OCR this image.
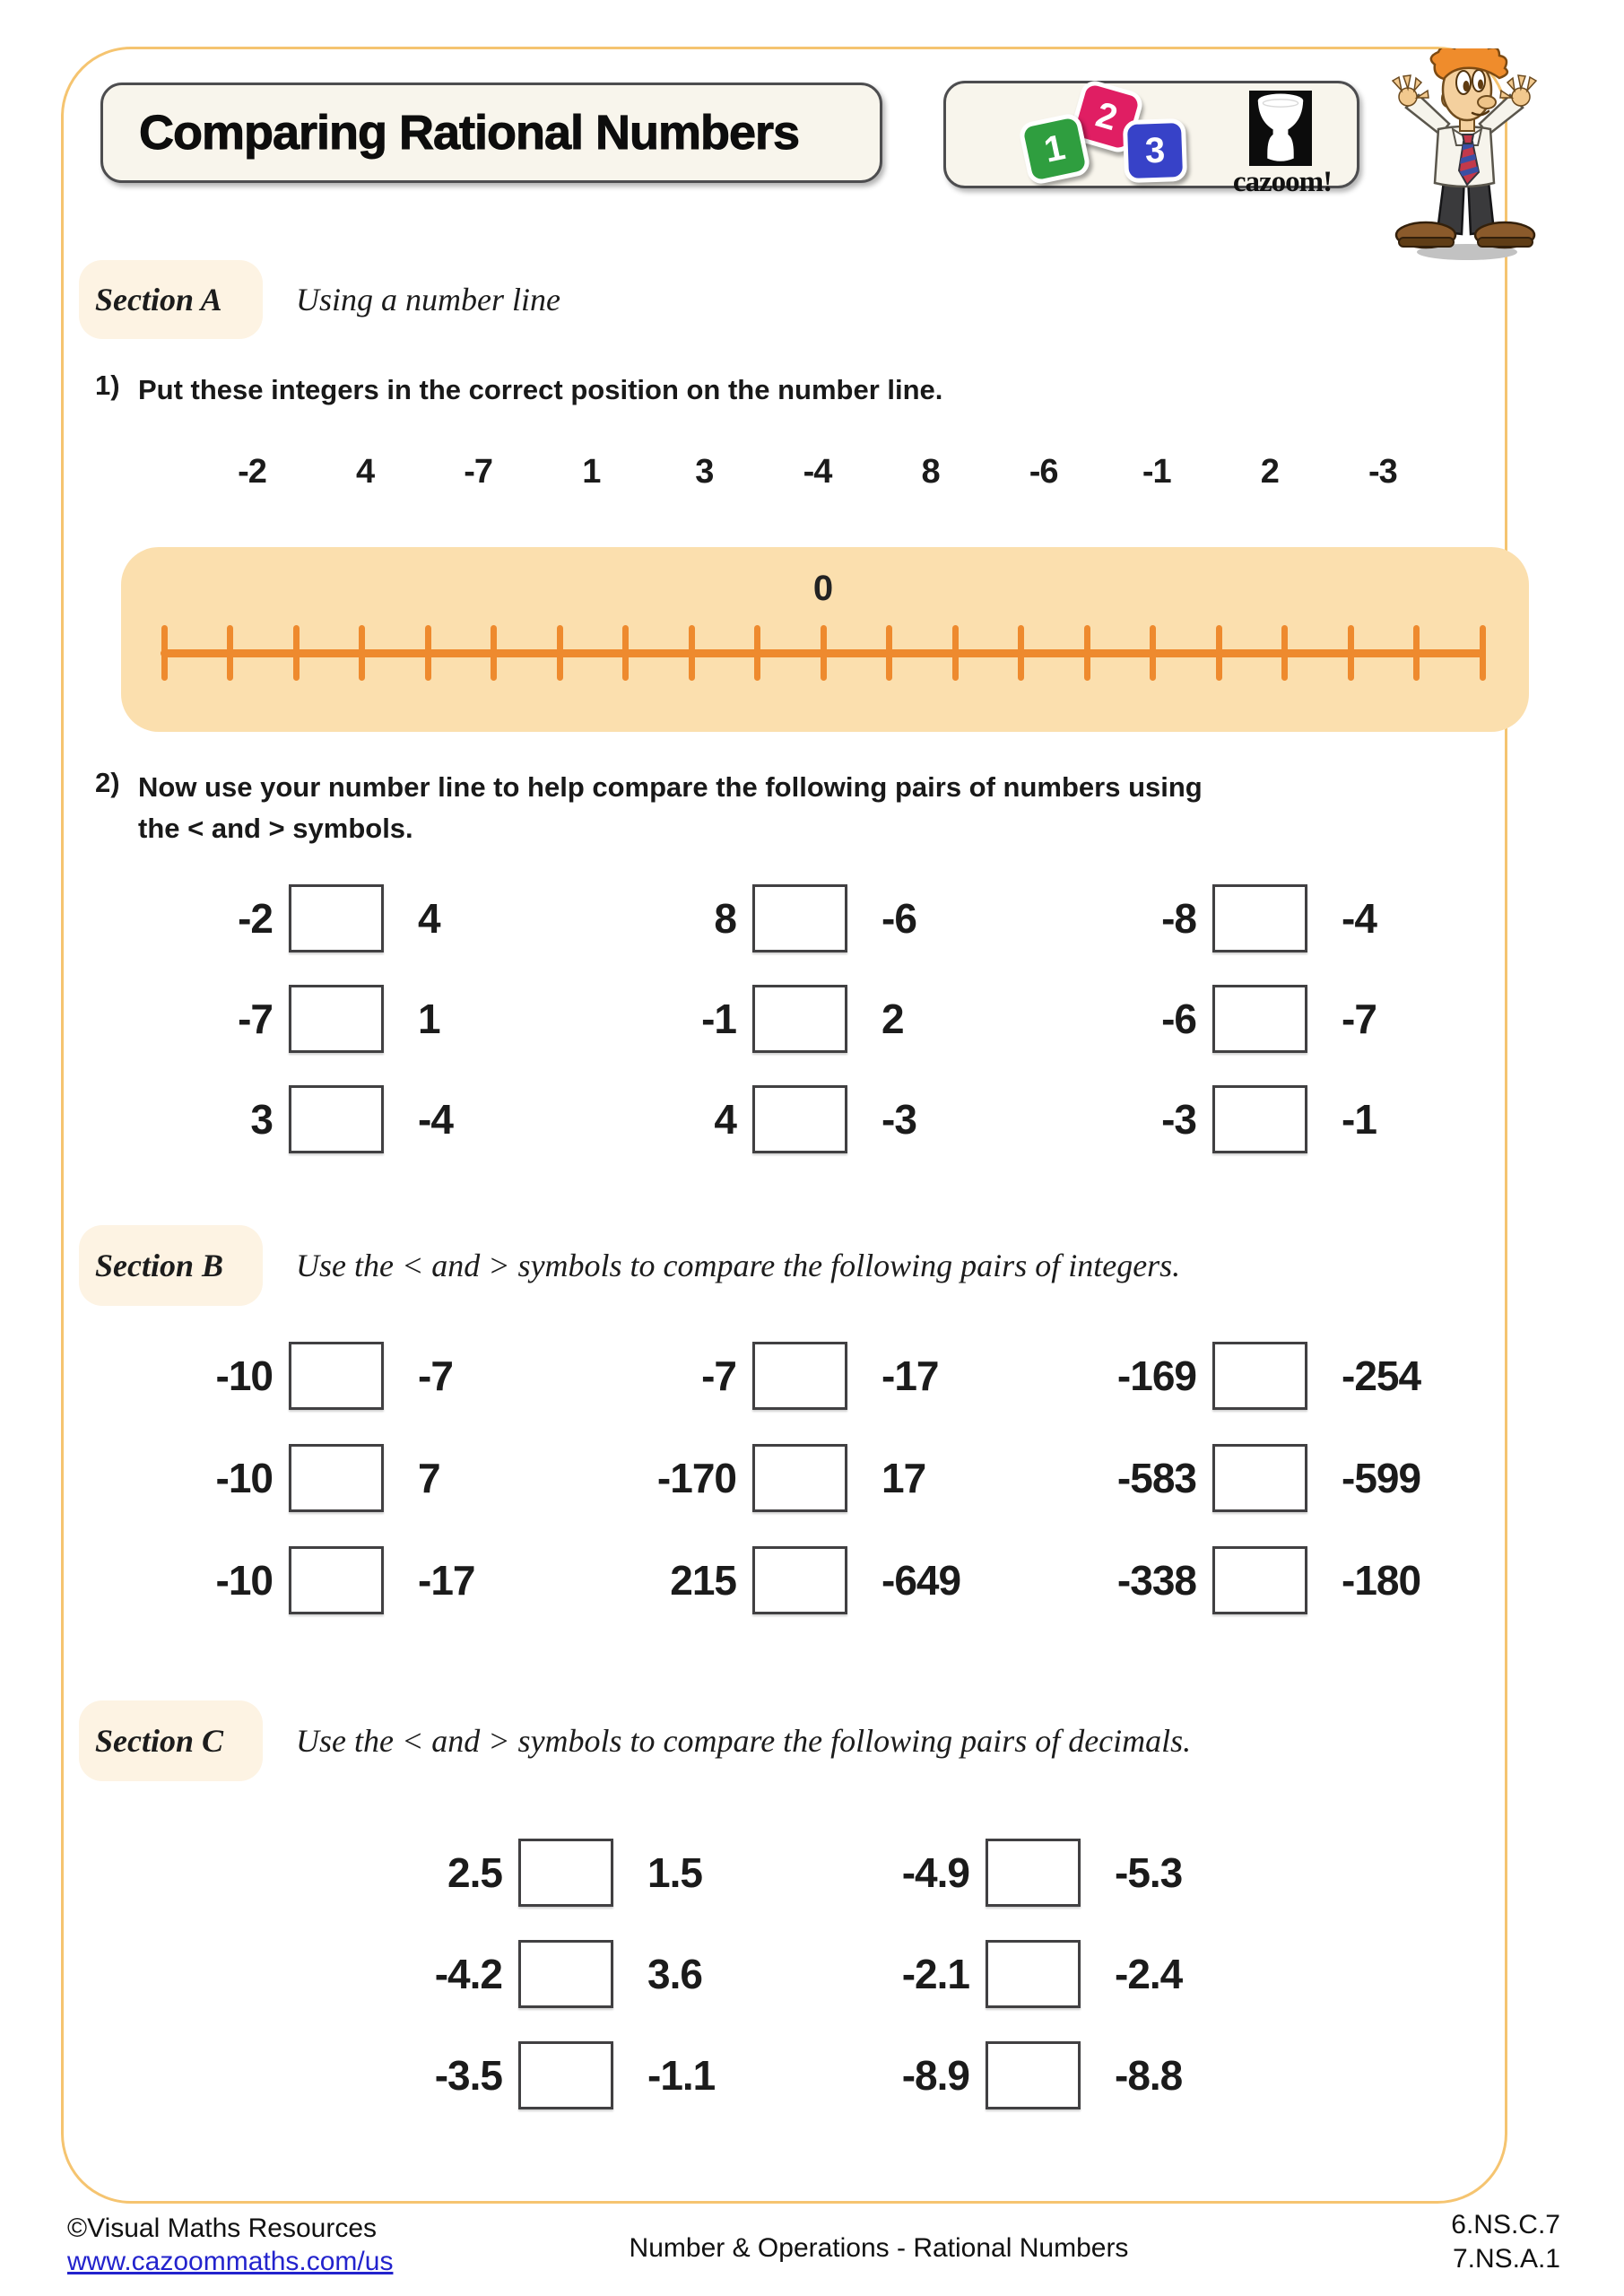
Comparing Rational Numbers	2
1	3
cazoom!
Section A Using a number line
1) Put these integers in the correct position on the number line.
-2	4	-7	1	3	-4	8	-6	-1	2	-3
0
2) Now use your number line to help compare the following pairs of numbers using
the < and > symbols.
-2	4	8	-6	-8	-4
-7	1	-1	2	-6	-7
3	-4	4	-3	-3	-1
Section B Use the < and > symbols to compare the following pairs of integers.
-10	-7	-7	-17	-169	-254
-10	7	-170	17	-583	-599
-10	-17	215	-649	-338	-180
Section C Use the < and > symbols to compare the following pairs of decimals.
2.5	1.5	-4.9	-5.3
-4.2	3.6	-2.1	-2.4
-3.5	-1.1	-8.9	-8.8
©Visual Maths Resources
www.cazoommaths.com/us	Number & Operations - Rational Numbers
6.NS.C.7
7.NS.A.1
